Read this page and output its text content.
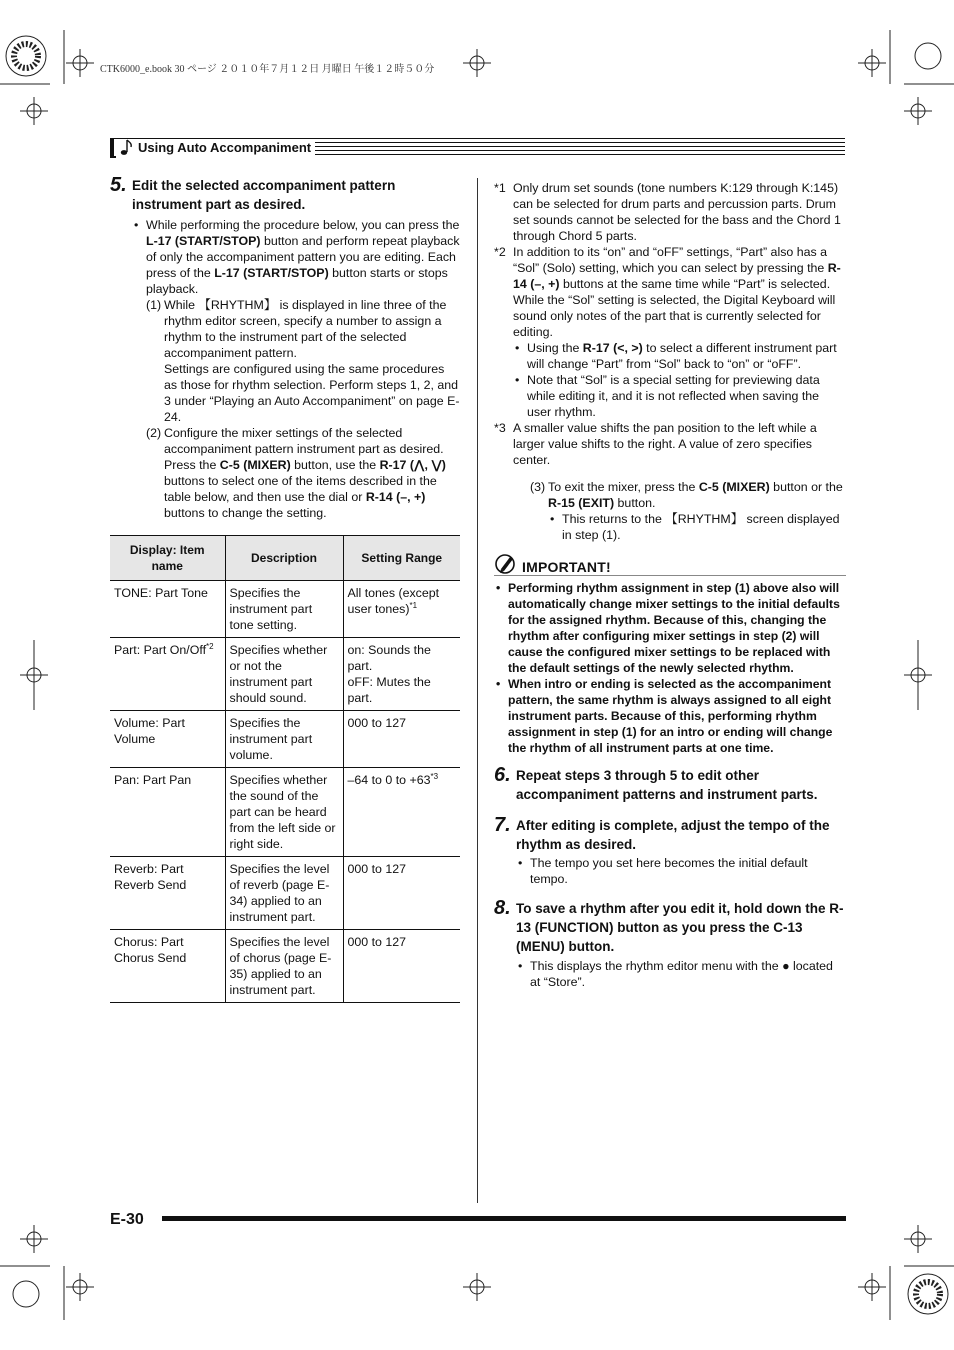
CTK6000_e.book 30 ページ ２０１０年７月１２日 月曜日 午後１２時５０分
Using Auto Accompaniment
5. Edit the selected accompaniment pattern instrument part as desired.
• While performing the procedure below, you can press the L-17 (START/STOP) button and perform repeat playback of only the accompaniment pattern you are editing. Each press of the L-17 (START/STOP) button starts or stops playback.
(1) While 【RHYTHM】 is displayed in line three of the rhythm editor screen, specify a number to assign a rhythm to the instrument part of the selected accompaniment pattern.
Settings are configured using the same procedures as those for rhythm selection. Perform steps 1, 2, and 3 under “Playing an Auto Accompaniment” on page E-24.
(2) Configure the mixer settings of the selected accompaniment pattern instrument part as desired. Press the C-5 (MIXER) button, use the R-17 (⋀, ⋁) buttons to select one of the items described in the table below, and then use the dial or R-14 (–, +) buttons to change the setting.
Display: Item name	Description	Setting Range
TONE: Part Tone	Specifies the instrument part tone setting.	All tones (except user tones)$^{*1}$
Part: Part On/Off$^{*2}$	Specifies whether or not the instrument part should sound.	on: Sounds the part.
oFF: Mutes the part.
Volume: Part Volume	Specifies the instrument part volume.	000 to 127
Pan: Part Pan	Specifies whether the sound of the part can be heard from the left side or right side.	–64 to 0 to $+63^{*3}$
Reverb: Part Reverb Send	Specifies the level of reverb (page E-34) applied to an instrument part.	000 to 127
Chorus: Part Chorus Send	Specifies the level of chorus (page E-35) applied to an instrument part.	000 to 127
*1 Only drum set sounds (tone numbers K:129 through K:145) can be selected for drum parts and percussion parts. Drum set sounds cannot be selected for the bass and the Chord 1 through Chord 5 parts.
*2 In addition to its “on” and “oFF” settings, “Part” also has a “Sol” (Solo) setting, which you can select by pressing the R-14 (–, +) buttons at the same time while “Part” is selected. While the “Sol” setting is selected, the Digital Keyboard will sound only notes of the part that is currently selected for editing.
• Using the R-17 (<, >) to select a different instrument part will change “Part” from “Sol” back to “on” or “oFF”.
• Note that “Sol” is a special setting for previewing data while editing it, and it is not reflected when saving the user rhythm.
*3 A smaller value shifts the pan position to the left while a larger value shifts to the right. A value of zero specifies center.
(3) To exit the mixer, press the C-5 (MIXER) button or the R-15 (EXIT) button.
• This returns to the 【RHYTHM】 screen displayed in step (1).
IMPORTANT!
• Performing rhythm assignment in step (1) above also will automatically change mixer settings to the initial defaults for the assigned rhythm. Because of this, changing the rhythm after configuring mixer settings in step (2) will cause the configured mixer settings to be replaced with the default settings of the newly selected rhythm.
• When intro or ending is selected as the accompaniment pattern, the same rhythm is always assigned to all eight instrument parts. Because of this, performing rhythm assignment in step (1) for an intro or ending will change the rhythm of all instrument parts at one time.
6. Repeat steps 3 through 5 to edit other accompaniment patterns and instrument parts.
7. After editing is complete, adjust the tempo of the rhythm as desired.
• The tempo you set here becomes the initial default tempo.
8. To save a rhythm after you edit it, hold down the R-13 (FUNCTION) button as you press the C-13 (MENU) button.
• This displays the rhythm editor menu with the ● located at “Store”.
E-30
